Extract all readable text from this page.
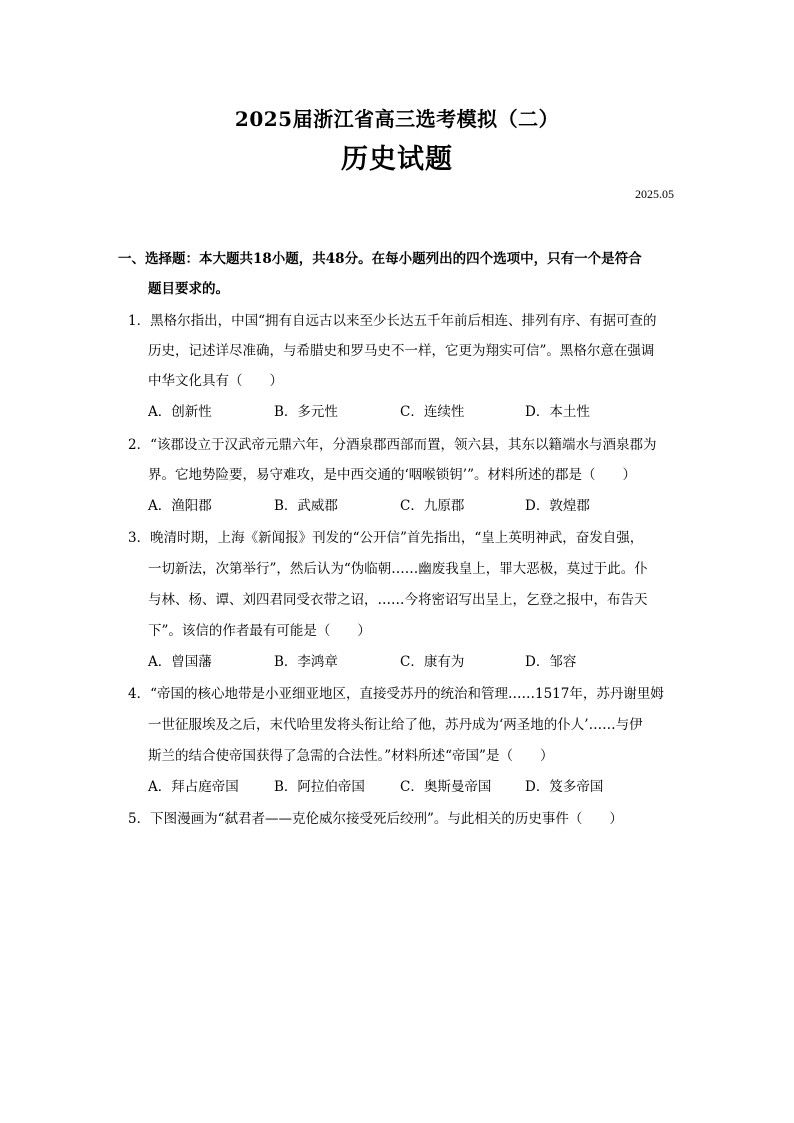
2025届浙江省高三选考模拟（二）
历史试题
2025.05
一、选择题：本大题共18小题，共48分。在每小题列出的四个选项中，只有一个是符合
题目要求的。
1．黑格尔指出，中国“拥有自远古以来至少长达五千年前后相连、排列有序、有据可查的
历史，记述详尽准确，与希腊史和罗马史不一样，它更为翔实可信”。黑格尔意在强调
中华文化具有（　　）
A．创新性	B．多元性	C．连续性	D．本土性
2．“该郡设立于汉武帝元鼎六年，分酒泉郡西部而置，领六县，其东以籍端水与酒泉郡为
界。它地势险要，易守难攻，是中西交通的‘咽喉锁钥’”。材料所述的郡是（　　）
A．渔阳郡	B．武威郡	C．九原郡	D．敦煌郡
3．晚清时期，上海《新闻报》刊发的“公开信”首先指出，“皇上英明神武，奋发自强，
一切新法，次第举行”，然后认为“伪临朝……幽废我皇上，罪大恶极，莫过于此。仆
与林、杨、谭、刘四君同受衣带之诏，……今将密诏写出呈上，乞登之报中，布告天
下”。该信的作者最有可能是（　　）
A．曾国藩	B．李鸿章	C．康有为	D．邹容
4．“帝国的核心地带是小亚细亚地区，直接受苏丹的统治和管理……1517年，苏丹谢里姆
一世征服埃及之后，末代哈里发将头衔让给了他，苏丹成为‘两圣地的仆人’……与伊
斯兰的结合使帝国获得了急需的合法性。”材料所述“帝国”是（　　）
A．拜占庭帝国	B．阿拉伯帝国	C．奥斯曼帝国 D．笈多帝国
5．下图漫画为“弑君者——克伦威尔接受死后绞刑”。与此相关的历史事件（　　）
